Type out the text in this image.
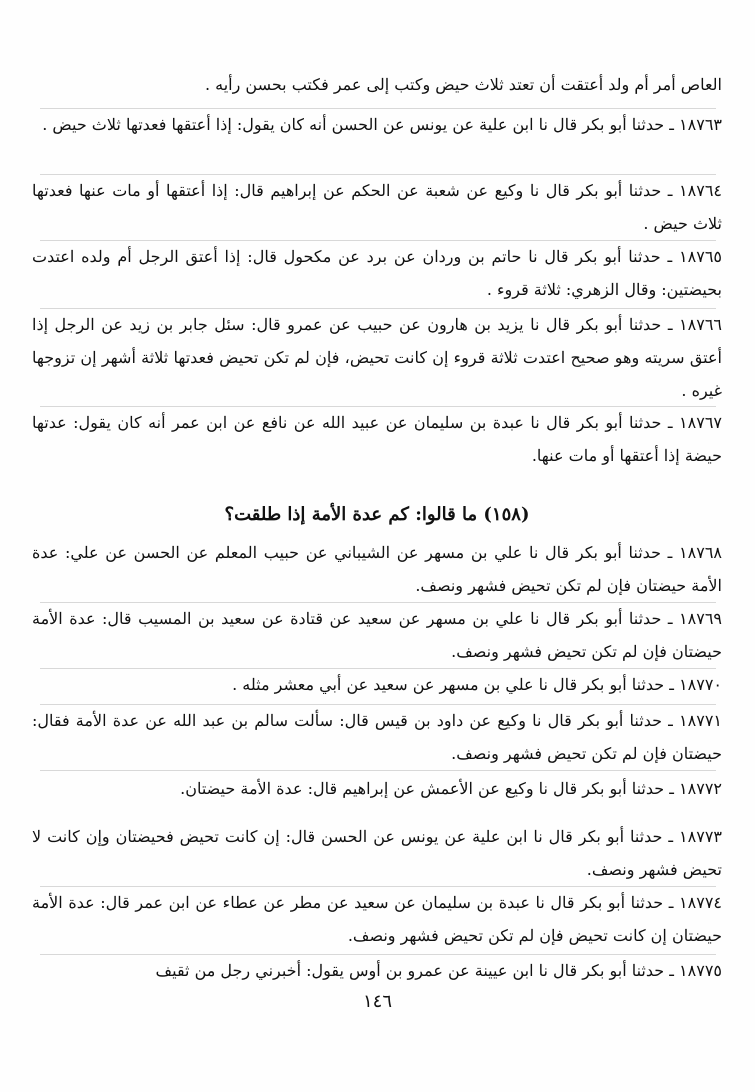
العاص أمر أم ولد أعتقت أن تعتد ثلاث حيض وكتب إلى عمر فكتب بحسن رأيه .

١٨٧٦٣ ـ حدثنا أبو بكر قال نا ابن علية عن يونس عن الحسن أنه كان يقول: إذا أعتقها فعدتها ثلاث حيض .

١٨٧٦٤ ـ حدثنا أبو بكر قال نا وكيع عن شعبة عن الحكم عن إبراهيم قال: إذا أعتقها أو مات عنها فعدتها ثلاث حيض .

١٨٧٦٥ ـ حدثنا أبو بكر قال نا حاتم بن وردان عن برد عن مكحول قال: إذا أعتق الرجل أم ولده اعتدت بحيضتين: وقال الزهري: ثلاثة قروء .

١٨٧٦٦ ـ حدثنا أبو بكر قال نا يزيد بن هارون عن حبيب عن عمرو قال: سئل جابر بن زيد عن الرجل إذا أعتق سريته وهو صحيح اعتدت ثلاثة قروء إن كانت تحيض، فإن لم تكن تحيض فعدتها ثلاثة أشهر إن تزوجها غيره .

١٨٧٦٧ ـ حدثنا أبو بكر قال نا عبدة بن سليمان عن عبيد الله عن نافع عن ابن عمر أنه كان يقول: عدتها حيضة إذا أعتقها أو مات عنها.

(١٥٨) ما قالوا: كم عدة الأمة إذا طلقت؟

١٨٧٦٨ ـ حدثنا أبو بكر قال نا علي بن مسهر عن الشيباني عن حبيب المعلم عن الحسن عن علي: عدة الأمة حيضتان فإن لم تكن تحيض فشهر ونصف.

١٨٧٦٩ ـ حدثنا أبو بكر قال نا علي بن مسهر عن سعيد عن قتادة عن سعيد بن المسيب قال: عدة الأمة حيضتان فإن لم تكن تحيض فشهر ونصف.

١٨٧٧٠ ـ حدثنا أبو بكر قال نا علي بن مسهر عن سعيد عن أبي معشر مثله .

١٨٧٧١ ـ حدثنا أبو بكر قال نا وكيع عن داود بن قيس قال: سألت سالم بن عبد الله عن عدة الأمة فقال: حيضتان فإن لم تكن تحيض فشهر ونصف.

١٨٧٧٢ ـ حدثنا أبو بكر قال نا وكيع عن الأعمش عن إبراهيم قال: عدة الأمة حيضتان.

١٨٧٧٣ ـ حدثنا أبو بكر قال نا ابن علية عن يونس عن الحسن قال: إن كانت تحيض فحيضتان وإن كانت لا تحيض فشهر ونصف.

١٨٧٧٤ ـ حدثنا أبو بكر قال نا عبدة بن سليمان عن سعيد عن مطر عن عطاء عن ابن عمر قال: عدة الأمة حيضتان إن كانت تحيض فإن لم تكن تحيض فشهر ونصف.

١٨٧٧٥ ـ حدثنا أبو بكر قال نا ابن عيينة عن عمرو بن أوس يقول: أخبرني رجل من ثقيف

١٤٦
